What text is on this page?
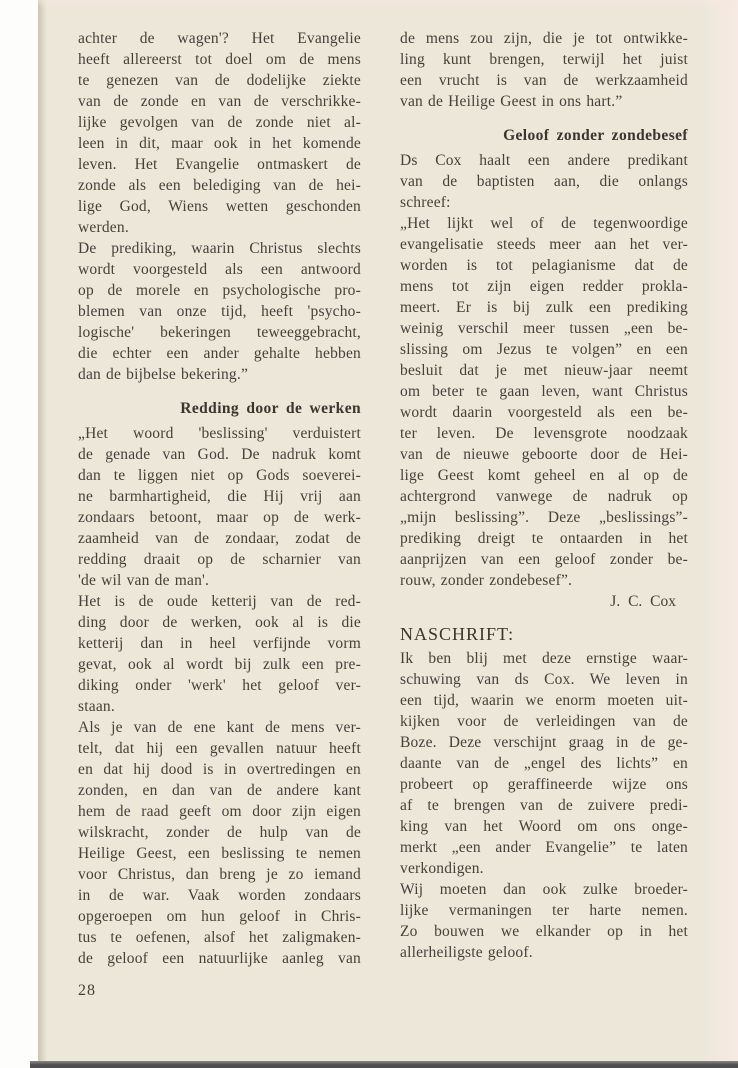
achter de wagen'? Het Evangelie
heeft allereerst tot doel om de mens
te genezen van de dodelijke ziekte
van de zonde en van de verschrikke-
lijke gevolgen van de zonde niet al-
leen in dit, maar ook in het komende
leven. Het Evangelie ontmaskert de
zonde als een belediging van de hei-
lige God, Wiens wetten geschonden
werden.
De prediking, waarin Christus slechts
wordt voorgesteld als een antwoord
op de morele en psychologische pro-
blemen van onze tijd, heeft 'psycho-
logische' bekeringen teweeggebracht,
die echter een ander gehalte hebben
dan de bijbelse bekering.”
Redding door de werken
„Het woord 'beslissing' verduistert
de genade van God. De nadruk komt
dan te liggen niet op Gods soeverei-
ne barmhartigheid, die Hij vrij aan
zondaars betoont, maar op de werk-
zaamheid van de zondaar, zodat de
redding draait op de scharnier van
'de wil van de man'.
Het is de oude ketterij van de red-
ding door de werken, ook al is die
ketterij dan in heel verfijnde vorm
gevat, ook al wordt bij zulk een pre-
diking onder 'werk' het geloof ver-
staan.
Als je van de ene kant de mens ver-
telt, dat hij een gevallen natuur heeft
en dat hij dood is in overtredingen en
zonden, en dan van de andere kant
hem de raad geeft om door zijn eigen
wilskracht, zonder de hulp van de
Heilige Geest, een beslissing te nemen
voor Christus, dan breng je zo iemand
in de war. Vaak worden zondaars
opgeroepen om hun geloof in Chris-
tus te oefenen, alsof het zaligmaken-
de geloof een natuurlijke aanleg van
de mens zou zijn, die je tot ontwikke-
ling kunt brengen, terwijl het juist
een vrucht is van de werkzaamheid
van de Heilige Geest in ons hart.”
Geloof zonder zondebesef
Ds Cox haalt een andere predikant
van de baptisten aan, die onlangs
schreef:
„Het lijkt wel of de tegenwoordige
evangelisatie steeds meer aan het ver-
worden is tot pelagianisme dat de
mens tot zijn eigen redder prokla-
meert. Er is bij zulk een prediking
weinig verschil meer tussen „een be-
slissing om Jezus te volgen” en een
besluit dat je met nieuw-jaar neemt
om beter te gaan leven, want Christus
wordt daarin voorgesteld als een be-
ter leven. De levensgrote noodzaak
van de nieuwe geboorte door de Hei-
lige Geest komt geheel en al op de
achtergrond vanwege de nadruk op
„mijn beslissing”. Deze „beslissings”-
prediking dreigt te ontaarden in het
aanprijzen van een geloof zonder be-
rouw, zonder zondebesef”.
J. C. Cox
NASCHRIFT:
Ik ben blij met deze ernstige waar-
schuwing van ds Cox. We leven in
een tijd, waarin we enorm moeten uit-
kijken voor de verleidingen van de
Boze. Deze verschijnt graag in de ge-
daante van de „engel des lichts” en
probeert op geraffineerde wijze ons
af te brengen van de zuivere predi-
king van het Woord om ons onge-
merkt „een ander Evangelie” te laten
verkondigen.
Wij moeten dan ook zulke broeder-
lijke vermaningen ter harte nemen.
Zo bouwen we elkander op in het
allerheiligste geloof.
28
